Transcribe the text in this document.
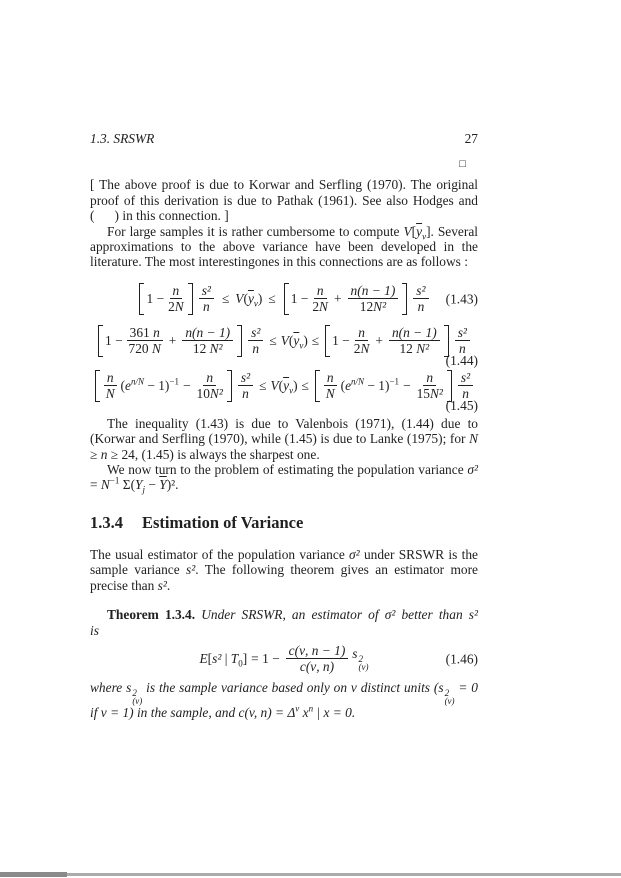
1.3. SRSWR	27
□

[ The above proof is due to Korwar and Serfling (1970). The original proof of this derivation is due to Pathak (1961). See also Hodges and (      ) in this connection. ]

For large samples it is rather cumbersome to compute $V[\overline{y}_\nu]$. Several approximations to the above variance have been developed in the literature. The most interestingones in this connections are as follows :

$1 - \frac{n}{2N} \frac{\text{s²}}{n} \le V(\overline{y}_\nu) \le 1 - \frac{n}{2N} + \frac{n(n - 1)}{\text{12N²}} \frac{\text{s²}}{n} (1.43)$
$1 - \frac{361 n}{720 N} + \frac{n(n - 1)}{\text{12 N²}} \frac{\text{s²}}{n} \le V(\overline{y}_\nu) \le 1 - \frac{n}{2N} + \frac{n(n - 1)}{\text{12 N²}} \frac{\text{s²}}{n}$
(1.44)
$\frac{n}{N} (e^{n/N} - 1)^{-1} - \frac{n}{\text{10N²}} \frac{\text{s²}}{n} \le V(\overline{y}_\nu) \le \frac{n}{N} (e^{n/N} - 1)^{-1} - \frac{n}{\text{15N²}} \frac{\text{s²}}{n}$
(1.45)

The inequality (1.43) is due to Valenbois (1971), (1.44) due to (Korwar and Serfling (1970), while (1.45) is due to Lanke (1975); for N ≥ n ≥ 24, (1.45) is always the sharpest one.

We now turn to the problem of estimating the population variance $\sigma^2 = N^{-1}$ $\Sigma(Y_j - \overline{Y})^2$.

1.3.4 Estimation of Variance

The usual estimator of the population variance σ² under SRSWR is the sample variance s². The following theorem gives an estimator more precise than s².

Theorem 1.3.4. Under SRSWR, an estimator of σ² better than s²

is

E[s² | $T_0] = 1 - \frac{c(\nu, n - 1)}{c(\nu, n)}$ s 2
(ν)
(1.46)

where s 2
(ν)
is the sample variance based only on ν distinct units (s 2
(ν)
= 0 if ν = 1) in the sample, and c(v, $n) = \Delta^\nu$ $x^n$ | x = 0.
